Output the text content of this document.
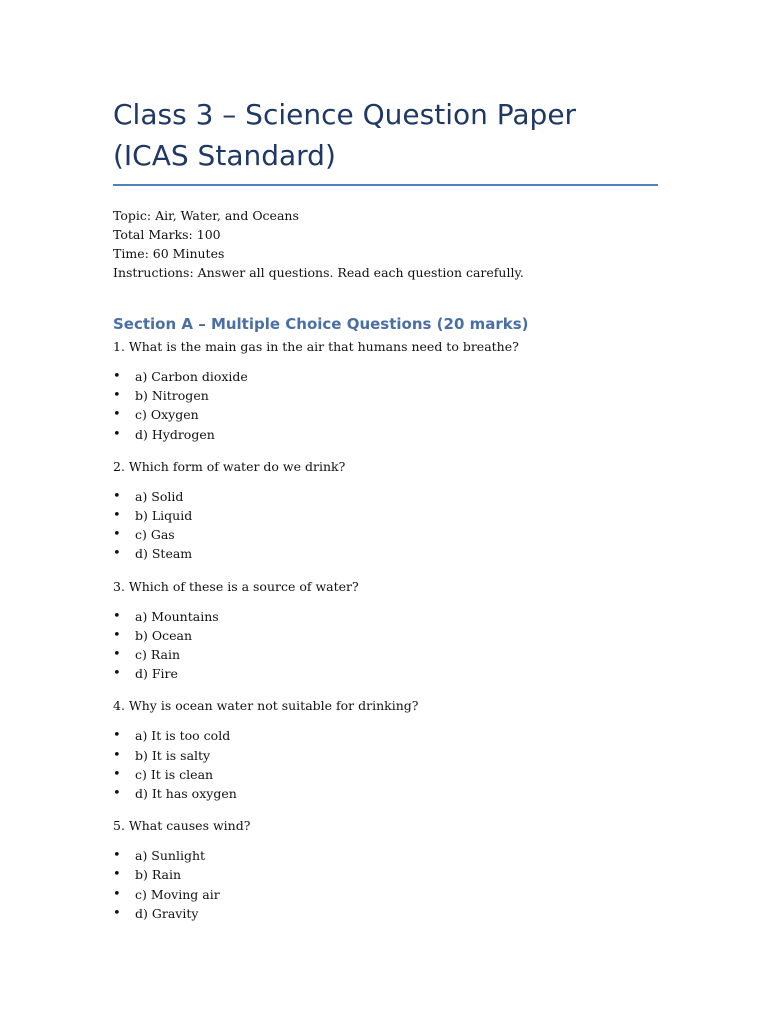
Class 3 – Science Question Paper (ICAS Standard)
Topic: Air, Water, and Oceans
Total Marks: 100
Time: 60 Minutes
Instructions: Answer all questions. Read each question carefully.
Section A – Multiple Choice Questions (20 marks)

1. What is the main gas in the air that humans need to breathe?

• a) Carbon dioxide
• b) Nitrogen
• c) Oxygen
• d) Hydrogen

2. Which form of water do we drink?

• a) Solid
• b) Liquid
• c) Gas
• d) Steam

3. Which of these is a source of water?

• a) Mountains
• b) Ocean
• c) Rain
• d) Fire

4. Why is ocean water not suitable for drinking?

• a) It is too cold
• b) It is salty
• c) It is clean
• d) It has oxygen

5. What causes wind?

• a) Sunlight
• b) Rain
• c) Moving air
• d) Gravity
